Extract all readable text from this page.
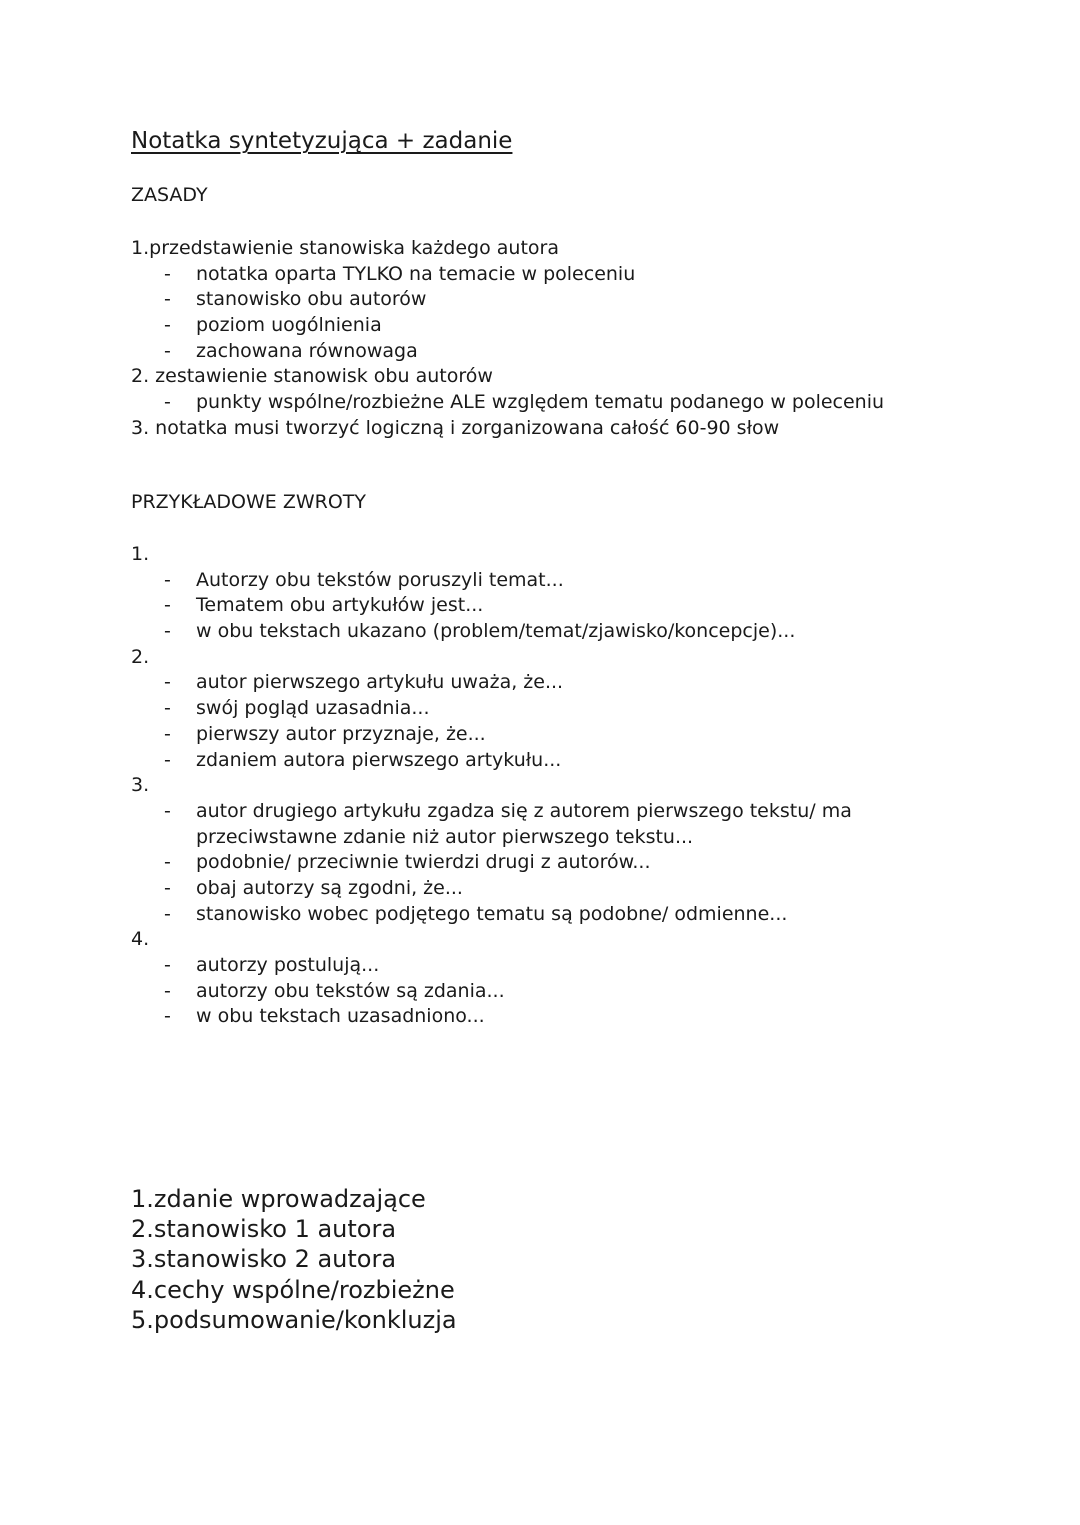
Notatka syntetyzująca + zadanie
ZASADY
1.przedstawienie stanowiska każdego autora
- notatka oparta TYLKO na temacie w poleceniu
- stanowisko obu autorów
- poziom uogólnienia
- zachowana równowaga
2. zestawienie stanowisk obu autorów
- punkty wspólne/rozbieżne ALE względem tematu podanego w poleceniu
3. notatka musi tworzyć logiczną i zorganizowana całość 60-90 słow
PRZYKŁADOWE ZWROTY
1.
- Autorzy obu tekstów poruszyli temat...
- Tematem obu artykułów jest...
- w obu tekstach ukazano (problem/temat/zjawisko/koncepcje)...
2.
- autor pierwszego artykułu uważa, że...
- swój pogląd uzasadnia...
- pierwszy autor przyznaje, że...
- zdaniem autora pierwszego artykułu...
3.
- autor drugiego artykułu zgadza się z autorem pierwszego tekstu/ ma przeciwstawne zdanie niż autor pierwszego tekstu...
- podobnie/ przeciwnie twierdzi drugi z autorów...
- obaj autorzy są zgodni, że...
- stanowisko wobec podjętego tematu są podobne/ odmienne...
4.
- autorzy postulują...
- autorzy obu tekstów są zdania...
- w obu tekstach uzasadniono...
1.zdanie wprowadzające
2.stanowisko 1 autora
3.stanowisko 2 autora
4.cechy wspólne/rozbieżne
5.podsumowanie/konkluzja
